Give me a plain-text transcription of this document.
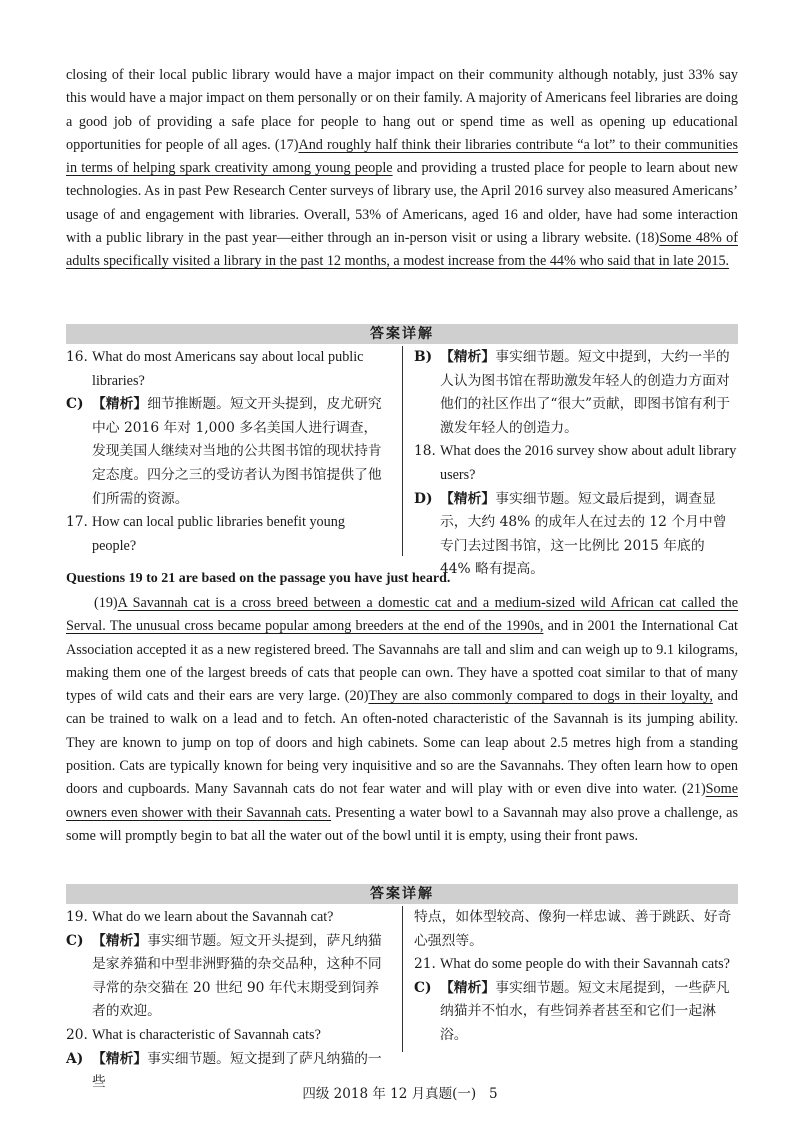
closing of their local public library would have a major impact on their community although notably, just 33% say this would have a major impact on them personally or on their family. A majority of Americans feel libraries are doing a good job of providing a safe place for people to hang out or spend time as well as opening up educational opportunities for people of all ages. (17)And roughly half think their libraries contribute “a lot” to their communities in terms of helping spark creativity among young people and providing a trusted place for people to learn about new technologies. As in past Pew Research Center surveys of library use, the April 2016 survey also measured Americans’ usage of and engagement with libraries. Overall, 53% of Americans, aged 16 and older, have had some interaction with a public library in the past year—either through an in-person visit or using a library website. (18)Some 48% of adults specifically visited a library in the past 12 months, a modest increase from the 44% who said that in late 2015.
答案详解
16. What do most Americans say about local public libraries?
C) 【精析】细节推断题。短文开头提到，皮尤研究中心 2016 年对 1,000 多名美国人进行调查，发现美国人继续对当地的公共图书馆的现状持肯定态度。四分之三的受访者认为图书馆提供了他们所需的资源。
17. How can local public libraries benefit young people?
B) 【精析】事实细节题。短文中提到，大约一半的人认为图书馆在帮助激发年轻人的创造力方面对他们的社区作出了“很大”贡献，即图书馆有利于激发年轻人的创造力。
18. What does the 2016 survey show about adult library users?
D) 【精析】事实细节题。短文最后提到，调查显示，大约 48% 的成年人在过去的 12 个月中曾专门去过图书馆，这一比例比 2015 年底的 44% 略有提高。
Questions 19 to 21 are based on the passage you have just heard.
(19)A Savannah cat is a cross breed between a domestic cat and a medium-sized wild African cat called the Serval. The unusual cross became popular among breeders at the end of the 1990s, and in 2001 the International Cat Association accepted it as a new registered breed. The Savannahs are tall and slim and can weigh up to 9.1 kilograms, making them one of the largest breeds of cats that people can own. They have a spotted coat similar to that of many types of wild cats and their ears are very large. (20)They are also commonly compared to dogs in their loyalty, and can be trained to walk on a lead and to fetch. An often-noted characteristic of the Savannah is its jumping ability. They are known to jump on top of doors and high cabinets. Some can leap about 2.5 metres high from a standing position. Cats are typically known for being very inquisitive and so are the Savannahs. They often learn how to open doors and cupboards. Many Savannah cats do not fear water and will play with or even dive into water. (21)Some owners even shower with their Savannah cats. Presenting a water bowl to a Savannah may also prove a challenge, as some will promptly begin to bat all the water out of the bowl until it is empty, using their front paws.
答案详解
19. What do we learn about the Savannah cat?
C) 【精析】事实细节题。短文开头提到，萨凡纳猫是家养猫和中型非洲野猫的杂交品种，这种不同寻常的杂交猫在 20 世纪 90 年代末期受到饲养者的欢迎。
20. What is characteristic of Savannah cats?
A) 【精析】事实细节题。短文提到了萨凡纳猫的一些
特点，如体型较高、像狗一样忠诚、善于跳跃、好奇心强烈等。
21. What do some people do with their Savannah cats?
C) 【精析】事实细节题。短文末尾提到，一些萨凡纳猫并不怕水，有些饲养者甚至和它们一起淋浴。
四级 2018 年 12 月真题(一) 5
